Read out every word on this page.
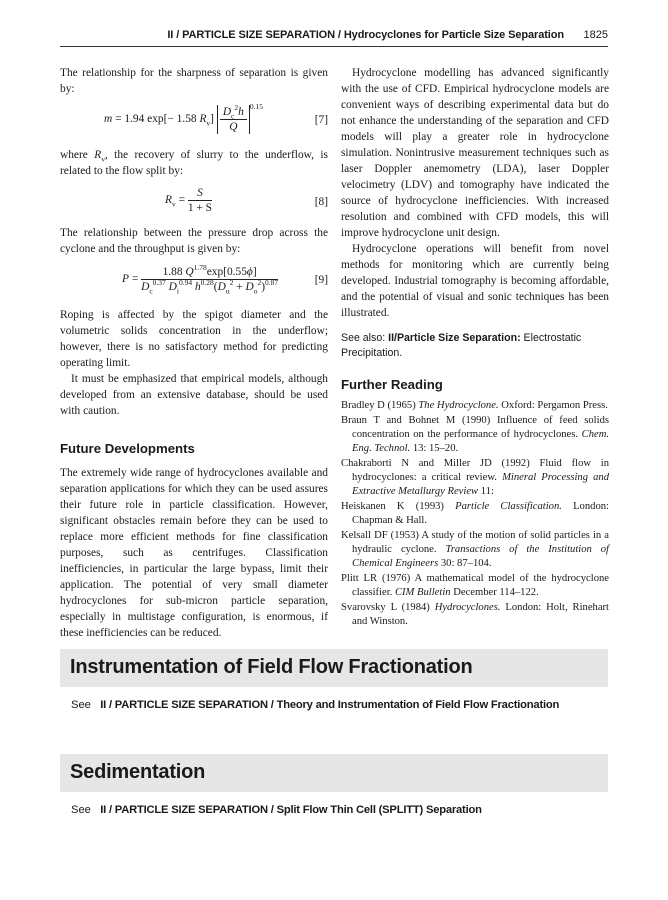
II / PARTICLE SIZE SEPARATION / Hydrocyclones for Particle Size Separation 1825

The relationship for the sharpness of separation is given by:

m = 1.94 exp[− 1.58 $R_v] \frac{D_c^2h}{Q} ^{0.15}$
[7]

where $R_v$, the recovery of slurry to the underflow, is related to the flow split by:

$R_v = \frac{S}{1 + S}$	[8]

The relationship between the pressure drop across the cyclone and the throughput is given by:

$P = \frac{1.88 Q^{1.78}\exp[0.55\phi]}{D_c^{0.37} D_i^{0.94} h^{0.28}(D_u^2 + D_o^2)^{0.87}}$	[9]

Roping is affected by the spigot diameter and the volumetric solids concentration in the underflow; however, there is no satisfactory method for predicting operating limit.

It must be emphasized that empirical models, although developed from an extensive database, should be used with caution.

Future Developments

The extremely wide range of hydrocyclones available and separation applications for which they can be used assures their future role in particle classification. However, significant obstacles remain before they can be used to replace more efficient methods for fine classification purposes, such as centrifuges. Classification inefficiencies, in particular the large bypass, limit their application. The potential of very small diameter hydrocyclones for sub-micron particle separation, especially in multistage configuration, is enormous, if these inefficiencies can be reduced.

Hydrocyclone modelling has advanced significantly with the use of CFD. Empirical hydrocyclone models are convenient ways of describing experimental data but do not enhance the understanding of the separation and CFD models will play a greater role in hydrocyclone simulation. Nonintrusive measurement techniques such as laser Doppler anemometry (LDA), laser Doppler velocimetry (LDV) and tomography have indicated the source of hydrocyclone inefficiencies. With increased resolution and combined with CFD models, this will improve hydrocyclone unit design.

Hydrocyclone operations will benefit from novel methods for monitoring which are currently being developed. Industrial tomography is becoming affordable, and the potential of visual and sonic techniques has been illustrated.

See also: II/Particle Size Separation: Electrostatic Precipitation.
Further Reading
Bradley D (1965) The Hydrocyclone. Oxford: Pergamon Press.
Braun T and Bohnet M (1990) Influence of feed solids concentration on the performance of hydrocyclones. Chem. Eng. Technol. 13: 15–20.
Chakraborti N and Miller JD (1992) Fluid flow in hydrocyclones: a critical review. Mineral Processing and Extractive Metallurgy Review 11:
Heiskanen K (1993) Particle Classification. London: Chapman & Hall.
Kelsall DF (1953) A study of the motion of solid particles in a hydraulic cyclone. Transactions of the Institution of Chemical Engineers 30: 87–104.
Plitt LR (1976) A mathematical model of the hydrocyclone classifier. CIM Bulletin December 114–122.
Svarovsky L (1984) Hydrocyclones. London: Holt, Rinehart and Winston.
Instrumentation of Field Flow Fractionation
See II / PARTICLE SIZE SEPARATION / Theory and Instrumentation of Field Flow Fractionation
Sedimentation
See II / PARTICLE SIZE SEPARATION / Split Flow Thin Cell (SPLITT) Separation
